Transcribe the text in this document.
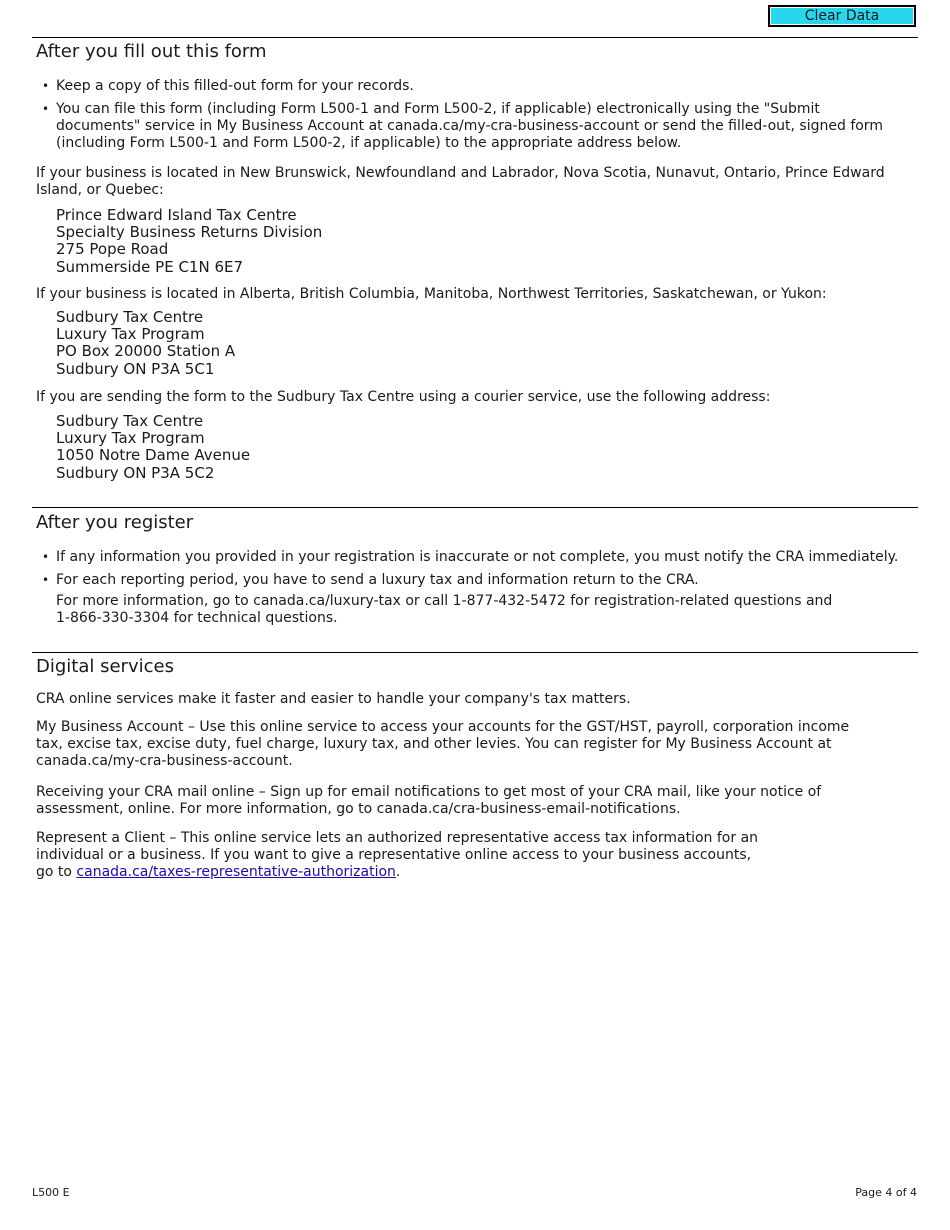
Clear Data
After you fill out this form
• Keep a copy of this filled-out form for your records.
• You can file this form (including Form L500-1 and Form L500-2, if applicable) electronically using the "Submit documents" service in My Business Account at canada.ca/my-cra-business-account or send the filled-out, signed form (including Form L500-1 and Form L500-2, if applicable) to the appropriate address below.

If your business is located in New Brunswick, Newfoundland and Labrador, Nova Scotia, Nunavut, Ontario, Prince Edward Island, or Quebec:

Prince Edward Island Tax Centre
Specialty Business Returns Division
275 Pope Road
Summerside PE C1N 6E7

If your business is located in Alberta, British Columbia, Manitoba, Northwest Territories, Saskatchewan, or Yukon:

Sudbury Tax Centre
Luxury Tax Program
PO Box 20000 Station A
Sudbury ON P3A 5C1

If you are sending the form to the Sudbury Tax Centre using a courier service, use the following address:

Sudbury Tax Centre
Luxury Tax Program
1050 Notre Dame Avenue
Sudbury ON P3A 5C2
After you register
• If any information you provided in your registration is inaccurate or not complete, you must notify the CRA immediately.
• For each reporting period, you have to send a luxury tax and information return to the CRA.

For more information, go to canada.ca/luxury-tax or call 1-877-432-5472 for registration-related questions and 1-866-330-3304 for technical questions.

Digital services

CRA online services make it faster and easier to handle your company's tax matters.

My Business Account – Use this online service to access your accounts for the GST/HST, payroll, corporation income tax, excise tax, excise duty, fuel charge, luxury tax, and other levies. You can register for My Business Account at canada.ca/my-cra-business-account.

Receiving your CRA mail online – Sign up for email notifications to get most of your CRA mail, like your notice of assessment, online. For more information, go to canada.ca/cra-business-email-notifications.

Represent a Client – This online service lets an authorized representative access tax information for an individual or a business. If you want to give a representative online access to your business accounts, go to canada.ca/taxes-representative-authorization.

L500 E	Page 4 of 4
